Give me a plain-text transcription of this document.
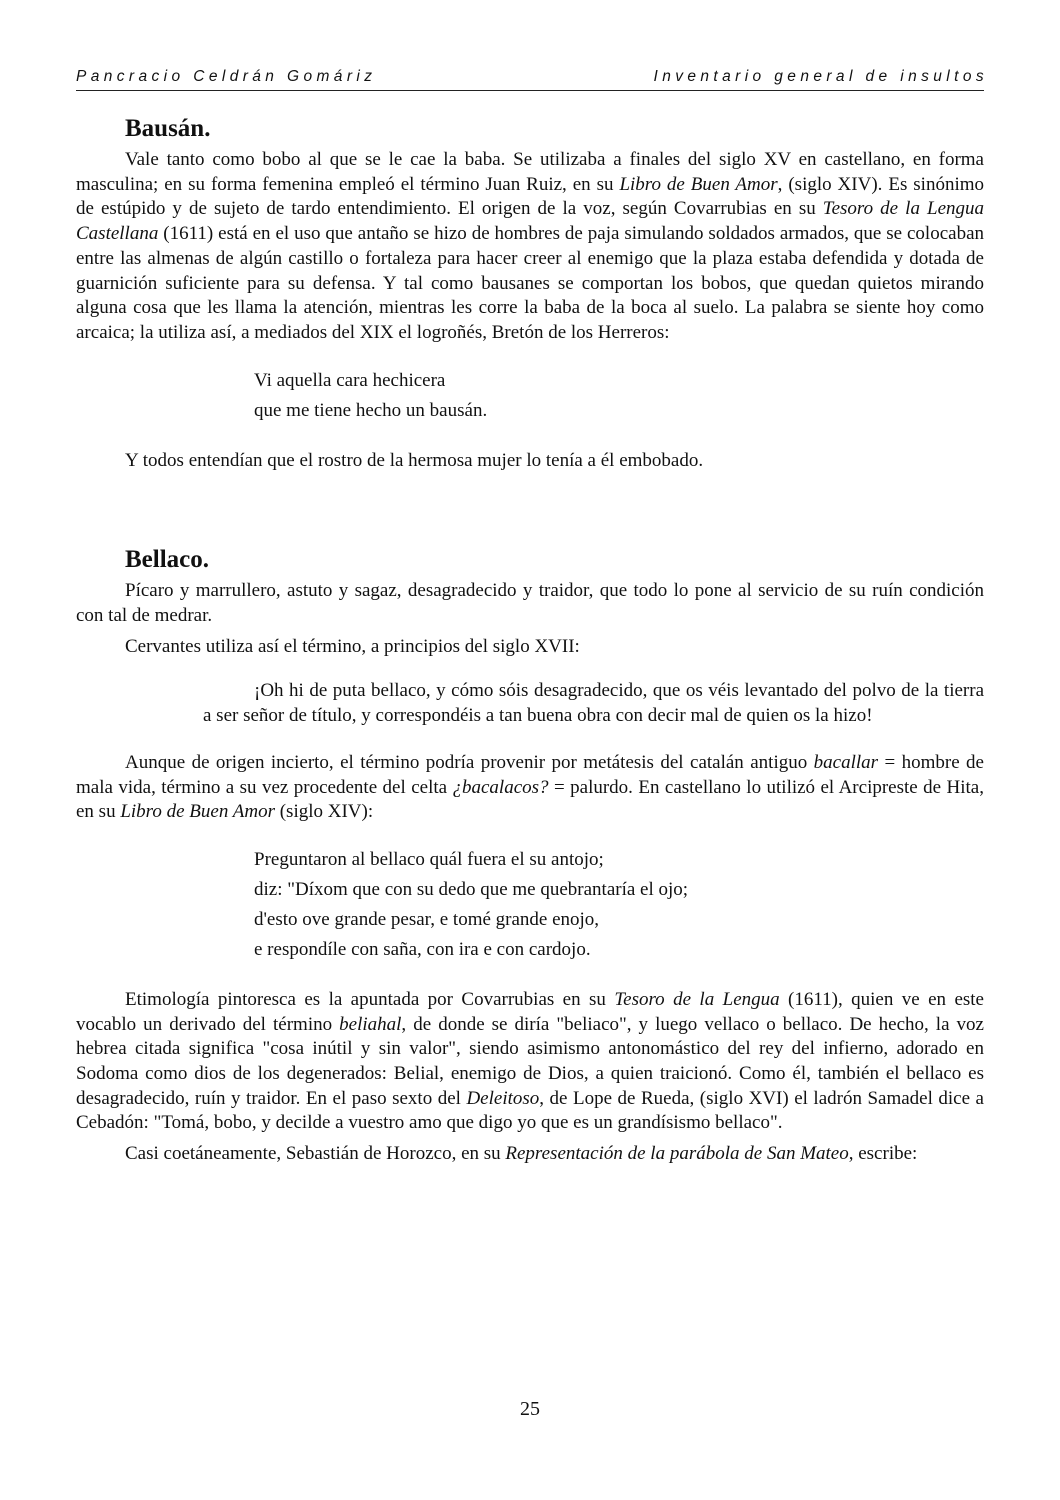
Pancracio Celdrán Gomáriz	Inventario general de insultos
Bausán.

Vale tanto como bobo al que se le cae la baba. Se utilizaba a finales del siglo XV en castellano, en forma masculina; en su forma femenina empleó el término Juan Ruiz, en su Libro de Buen Amor, (siglo XIV). Es sinónimo de estúpido y de sujeto de tardo entendimiento. El origen de la voz, según Covarrubias en su Tesoro de la Lengua Castellana (1611) está en el uso que antaño se hizo de hombres de paja simulando soldados armados, que se colocaban entre las almenas de algún castillo o fortaleza para hacer creer al enemigo que la plaza estaba defendida y dotada de guarnición suficiente para su defensa. Y tal como bausanes se comportan los bobos, que quedan quietos mirando alguna cosa que les llama la atención, mientras les corre la baba de la boca al suelo. La palabra se siente hoy como arcaica; la utiliza así, a mediados del XIX el logroñés, Bretón de los Herreros:

Vi aquella cara hechicera
que me tiene hecho un bausán.

Y todos entendían que el rostro de la hermosa mujer lo tenía a él embobado.

Bellaco.

Pícaro y marrullero, astuto y sagaz, desagradecido y traidor, que todo lo pone al servicio de su ruín condición con tal de medrar.

Cervantes utiliza así el término, a principios del siglo XVII:

¡Oh hi de puta bellaco, y cómo sóis desagradecido, que os véis levantado del polvo de la tierra a ser señor de título, y correspondéis a tan buena obra con decir mal de quien os la hizo!

Aunque de origen incierto, el término podría provenir por metátesis del catalán antiguo bacallar = hombre de mala vida, término a su vez procedente del celta ¿bacalacos? = palurdo. En castellano lo utilizó el Arcipreste de Hita, en su Libro de Buen Amor (siglo XIV):

Preguntaron al bellaco quál fuera el su antojo;
diz: "Díxom que con su dedo que me quebrantaría el ojo;
d'esto ove grande pesar, e tomé grande enojo,
e respondíle con saña, con ira e con cardojo.

Etimología pintoresca es la apuntada por Covarrubias en su Tesoro de la Lengua (1611), quien ve en este vocablo un derivado del término beliahal, de donde se diría "beliaco", y luego vellaco o bellaco. De hecho, la voz hebrea citada significa "cosa inútil y sin valor", siendo asimismo antonomástico del rey del infierno, adorado en Sodoma como dios de los degenerados: Belial, enemigo de Dios, a quien traicionó. Como él, también el bellaco es desagradecido, ruín y traidor. En el paso sexto del Deleitoso, de Lope de Rueda, (siglo XVI) el ladrón Samadel dice a Cebadón: "Tomá, bobo, y decilde a vuestro amo que digo yo que es un grandísismo bellaco".

Casi coetáneamente, Sebastián de Horozco, en su Representación de la parábola de San Mateo, escribe:

25
